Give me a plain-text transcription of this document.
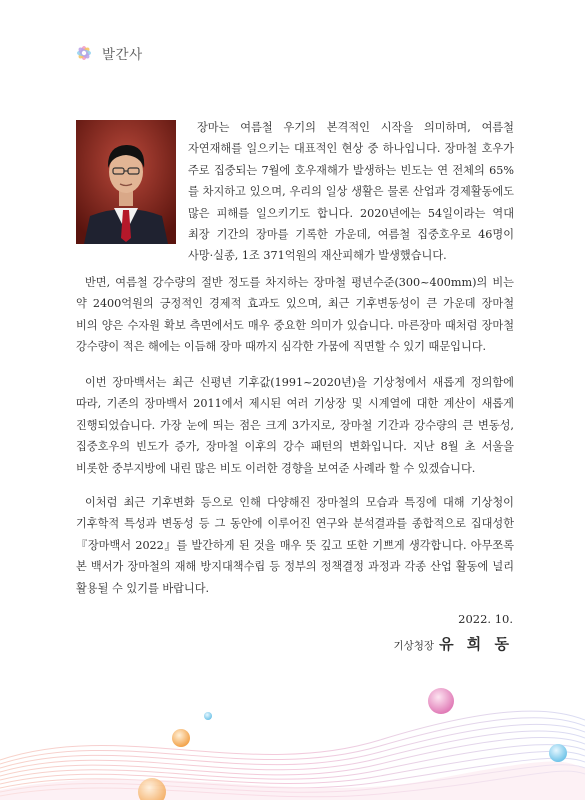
발간사

장마는 여름철 우기의 본격적인 시작을 의미하며, 여름철 자연재해를 일으키는 대표적인 현상 중 하나입니다. 장마철 호우가 주로 집중되는 7월에 호우재해가 발생하는 빈도는 연 전체의 65%를 차지하고 있으며, 우리의 일상 생활은 물론 산업과 경제활동에도 많은 피해를 일으키기도 합니다. 2020년에는 54일이라는 역대 최장 기간의 장마를 기록한 가운데, 여름철 집중호우로 46명이 사망·실종, 1조 371억원의 재산피해가 발생했습니다.

반면, 여름철 강수량의 절반 정도를 차지하는 장마철 평년수준(300~400mm)의 비는 약 2400억원의 긍정적인 경제적 효과도 있으며, 최근 기후변동성이 큰 가운데 장마철 비의 양은 수자원 확보 측면에서도 매우 중요한 의미가 있습니다. 마른장마 때처럼 장마철 강수량이 적은 해에는 이듬해 장마 때까지 심각한 가뭄에 직면할 수 있기 때문입니다.

이번 장마백서는 최근 신평년 기후값(1991~2020년)을 기상청에서 새롭게 정의함에 따라, 기존의 장마백서 2011에서 제시된 여러 기상장 및 시계열에 대한 계산이 새롭게 진행되었습니다. 가장 눈에 띄는 점은 크게 3가지로, 장마철 기간과 강수량의 큰 변동성, 집중호우의 빈도가 증가, 장마철 이후의 강수 패턴의 변화입니다. 지난 8월 초 서울을 비롯한 중부지방에 내린 많은 비도 이러한 경향을 보여준 사례라 할 수 있겠습니다.

이처럼 최근 기후변화 등으로 인해 다양해진 장마철의 모습과 특징에 대해 기상청이 기후학적 특성과 변동성 등 그 동안에 이루어진 연구와 분석결과를 종합적으로 집대성한 『장마백서 2022』를 발간하게 된 것을 매우 뜻 깊고 또한 기쁘게 생각합니다. 아무쪼록 본 백서가 장마철의 재해 방지대책수립 등 정부의 정책결정 과정과 각종 산업 활동에 널리 활용될 수 있기를 바랍니다.

2022. 10.
기상청장 유 희 동
